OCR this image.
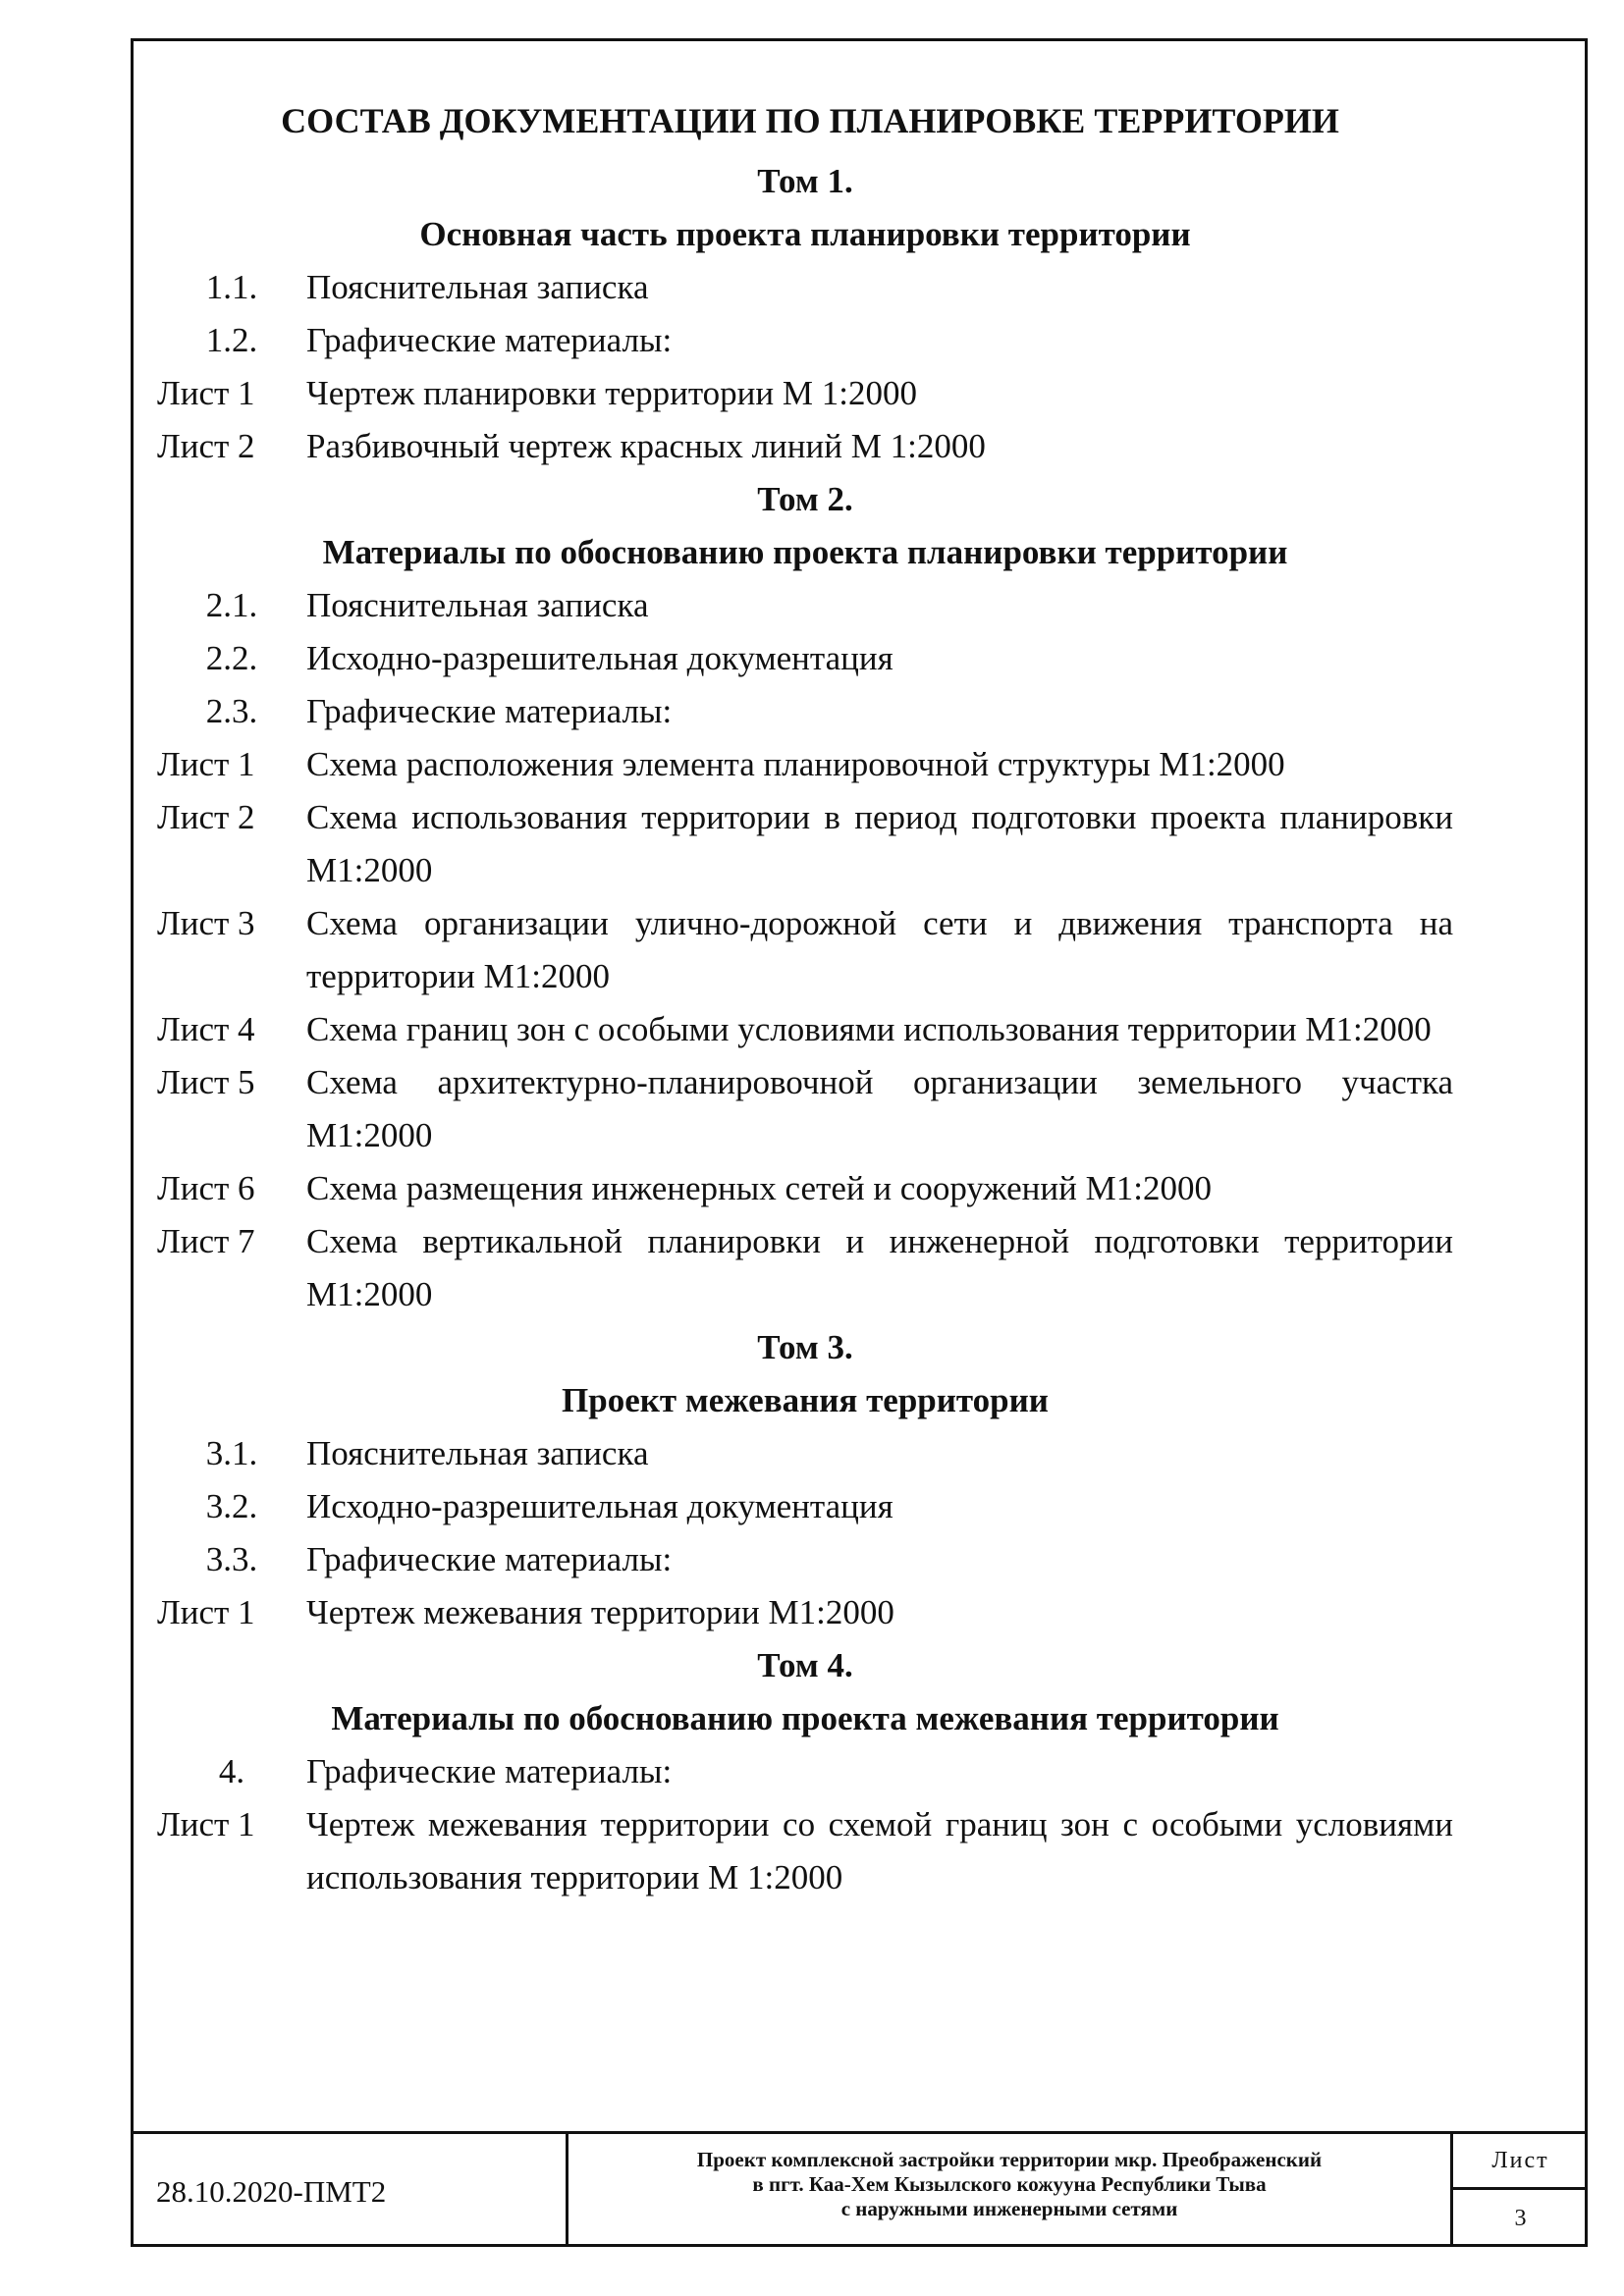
СОСТАВ ДОКУМЕНТАЦИИ ПО ПЛАНИРОВКЕ ТЕРРИТОРИИ
Том 1.
Основная часть проекта планировки территории
1.1.	Пояснительная записка
1.2.	Графические материалы:
Лист 1	Чертеж планировки территории М 1:2000
Лист 2	Разбивочный чертеж красных линий М 1:2000
Том 2.
Материалы по обоснованию проекта планировки территории
2.1.	Пояснительная записка
2.2.	Исходно-разрешительная документация
2.3.	Графические материалы:
Лист 1	Схема расположения элемента планировочной структуры М1:2000
Лист 2	Схема использования территории в период подготовки проекта планировки М1:2000
Лист 3	Схема организации улично-дорожной сети и движения транспорта на территории М1:2000
Лист 4	Схема границ зон с особыми условиями использования территории М1:2000
Лист 5	Схема архитектурно-планировочной организации земельного участка М1:2000
Лист 6	Схема размещения инженерных сетей и сооружений М1:2000
Лист 7	Схема вертикальной планировки и инженерной подготовки территории М1:2000
Том 3.
Проект межевания территории
3.1.	Пояснительная записка
3.2.	Исходно-разрешительная документация
3.3.	Графические материалы:
Лист 1	Чертеж межевания территории М1:2000
Том 4.
Материалы по обоснованию проекта межевания территории
4.	Графические материалы:
Лист 1	Чертеж межевания территории со схемой границ зон с особыми условиями использования территории М 1:2000
28.10.2020-ПМТ2
Проект комплексной застройки территории мкр. Преображенский
в пгт. Каа-Хем Кызылского кожууна Республики Тыва
с наружными инженерными сетями
Лист
3
